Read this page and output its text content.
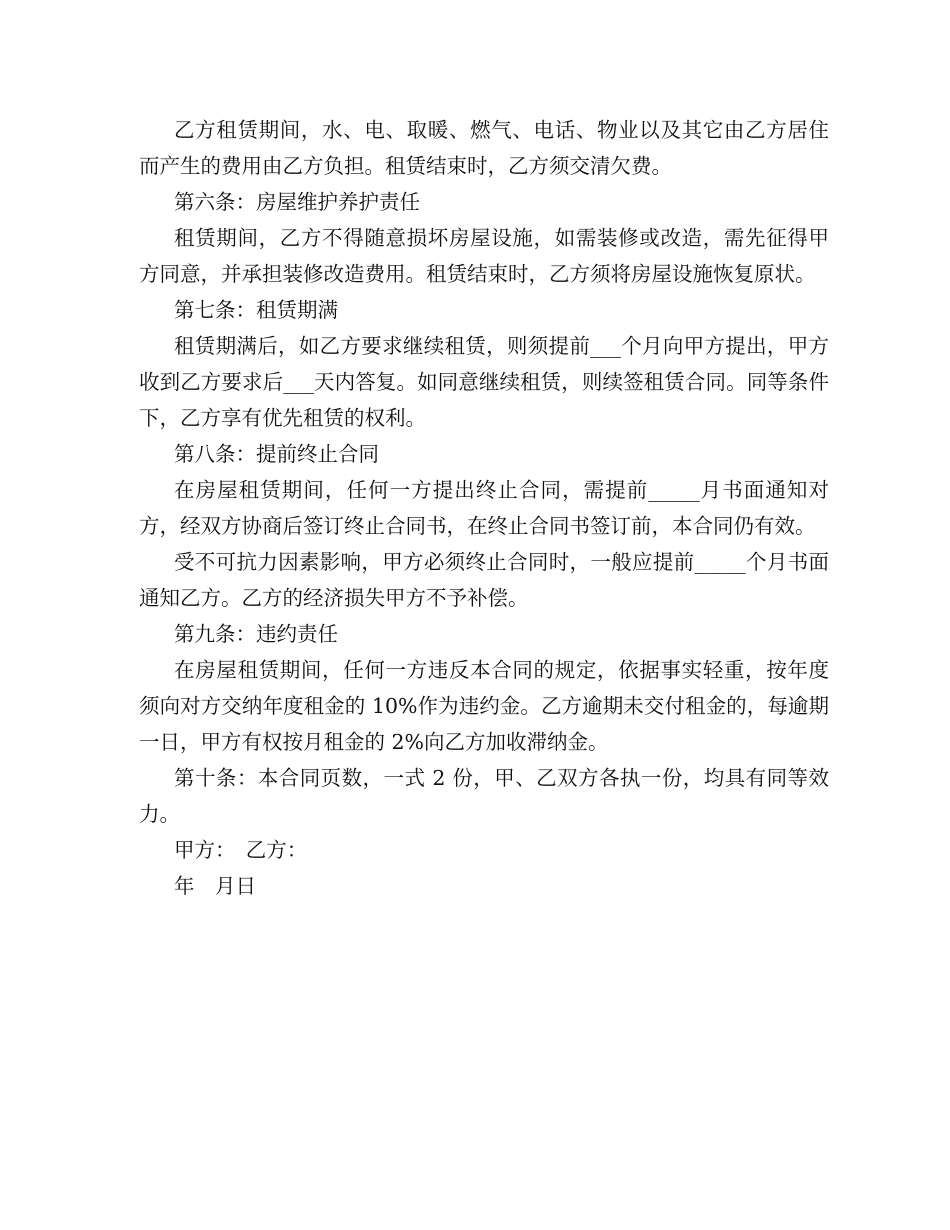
乙方租赁期间，水、电、取暖、燃气、电话、物业以及其它由乙方居住而产生的费用由乙方负担。租赁结束时，乙方须交清欠费。

第六条：房屋维护养护责任

租赁期间，乙方不得随意损坏房屋设施，如需装修或改造，需先征得甲方同意，并承担装修改造费用。租赁结束时，乙方须将房屋设施恢复原状。

第七条：租赁期满

租赁期满后，如乙方要求继续租赁，则须提前___个月向甲方提出，甲方收到乙方要求后___天内答复。如同意继续租赁，则续签租赁合同。同等条件下，乙方享有优先租赁的权利。

第八条：提前终止合同

在房屋租赁期间，任何一方提出终止合同，需提前_____月书面通知对方，经双方协商后签订终止合同书，在终止合同书签订前，本合同仍有效。

受不可抗力因素影响，甲方必须终止合同时，一般应提前_____个月书面通知乙方。乙方的经济损失甲方不予补偿。

第九条：违约责任

在房屋租赁期间，任何一方违反本合同的规定，依据事实轻重，按年度须向对方交纳年度租金的 10%作为违约金。乙方逾期未交付租金的，每逾期一日，甲方有权按月租金的 2%向乙方加收滞纳金。

第十条：本合同页数，一式 2 份，甲、乙双方各执一份，均具有同等效力。

甲方：　乙方：

年　月日
